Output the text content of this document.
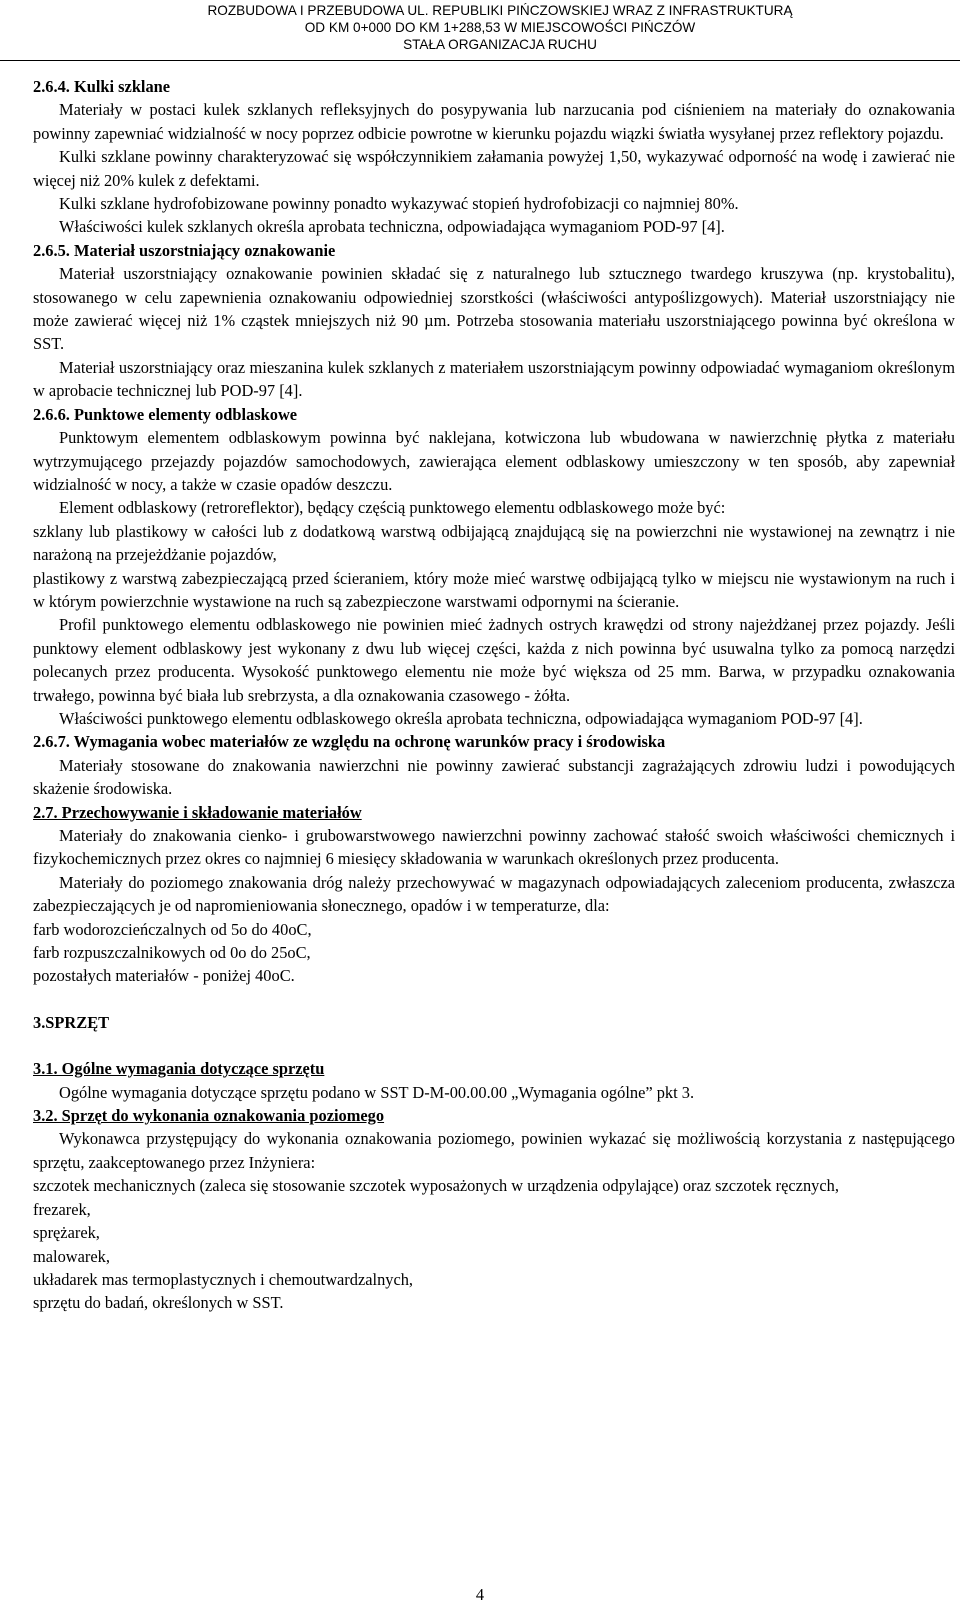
ROZBUDOWA I PRZEBUDOWA UL. REPUBLIKI PIŃCZOWSKIEJ WRAZ Z INFRASTRUKTURĄ
OD KM 0+000 DO KM 1+288,53 W MIEJSCOWOŚCI PIŃCZÓW
STAŁA ORGANIZACJA RUCHU

2.6.4. Kulki szklane

Materiały w postaci kulek szklanych refleksyjnych do posypywania lub narzucania pod ciśnieniem na materiały do oznakowania powinny zapewniać widzialność w nocy poprzez odbicie powrotne w kierunku pojazdu wiązki światła wysyłanej przez reflektory pojazdu.

Kulki szklane powinny charakteryzować się współczynnikiem załamania powyżej 1,50, wykazywać odporność na wodę i zawierać nie więcej niż 20% kulek z defektami.

Kulki szklane hydrofobizowane powinny ponadto wykazywać stopień hydrofobizacji co najmniej 80%.

Właściwości kulek szklanych określa aprobata techniczna, odpowiadająca wymaganiom POD-97 [4].

2.6.5. Materiał uszorstniający oznakowanie

Materiał uszorstniający oznakowanie powinien składać się z naturalnego lub sztucznego twardego kruszywa (np. krystobalitu), stosowanego w celu zapewnienia oznakowaniu odpowiedniej szorstkości (właściwości antypoślizgowych). Materiał uszorstniający nie może zawierać więcej niż 1% cząstek mniejszych niż 90 µm. Potrzeba stosowania materiału uszorstniającego powinna być określona w SST.

Materiał uszorstniający oraz mieszanina kulek szklanych z materiałem uszorstniającym powinny odpowiadać wymaganiom określonym w aprobacie technicznej lub POD-97 [4].

2.6.6. Punktowe elementy odblaskowe

Punktowym elementem odblaskowym powinna być naklejana, kotwiczona lub wbudowana w nawierzchnię płytka z materiału wytrzymującego przejazdy pojazdów samochodowych, zawierająca element odblaskowy umieszczony w ten sposób, aby zapewniał widzialność w nocy, a także w czasie opadów deszczu.

Element odblaskowy (retroreflektor), będący częścią punktowego elementu odblaskowego może być:

szklany lub plastikowy w całości lub z dodatkową warstwą odbijającą znajdującą się na powierzchni nie wystawionej na zewnątrz i nie narażoną na przejeżdżanie pojazdów,

plastikowy z warstwą zabezpieczającą przed ścieraniem, który może mieć warstwę odbijającą tylko w miejscu nie wystawionym na ruch i w którym powierzchnie wystawione na ruch są zabezpieczone warstwami odpornymi na ścieranie.

Profil punktowego elementu odblaskowego nie powinien mieć żadnych ostrych krawędzi od strony najeżdżanej przez pojazdy. Jeśli punktowy element odblaskowy jest wykonany z dwu lub więcej części, każda z nich powinna być usuwalna tylko za pomocą narzędzi polecanych przez producenta. Wysokość punktowego elementu nie może być większa od 25 mm. Barwa, w przypadku oznakowania trwałego, powinna być biała lub srebrzysta, a dla oznakowania czasowego - żółta.

Właściwości punktowego elementu odblaskowego określa aprobata techniczna, odpowiadająca wymaganiom POD-97 [4].

2.6.7. Wymagania wobec materiałów ze względu na ochronę warunków pracy i środowiska

Materiały stosowane do znakowania nawierzchni nie powinny zawierać substancji zagrażających zdrowiu ludzi i powodujących skażenie środowiska.

2.7. Przechowywanie i składowanie materiałów

Materiały do znakowania cienko- i grubowarstwowego nawierzchni powinny zachować stałość swoich właściwości chemicznych i fizykochemicznych przez okres co najmniej 6 miesięcy składowania w warunkach określonych przez producenta.

Materiały do poziomego znakowania dróg należy przechowywać w magazynach odpowiadających zaleceniom producenta, zwłaszcza zabezpieczających je od napromieniowania słonecznego, opadów i w temperaturze, dla:

farb wodorozcieńczalnych od 5o do 40oC,

farb rozpuszczalnikowych od 0o do 25oC,

pozostałych materiałów - poniżej 40oC.

3.SPRZĘT

3.1. Ogólne wymagania dotyczące sprzętu

Ogólne wymagania dotyczące sprzętu podano w SST D-M-00.00.00 „Wymagania ogólne” pkt 3.

3.2. Sprzęt do wykonania oznakowania poziomego

Wykonawca przystępujący do wykonania oznakowania poziomego, powinien wykazać się możliwością korzystania z następującego sprzętu, zaakceptowanego przez Inżyniera:

szczotek mechanicznych (zaleca się stosowanie szczotek wyposażonych w urządzenia odpylające) oraz szczotek ręcznych,

frezarek,

sprężarek,

malowarek,

układarek mas termoplastycznych i chemoutwardzalnych,

sprzętu do badań, określonych w SST.

4
